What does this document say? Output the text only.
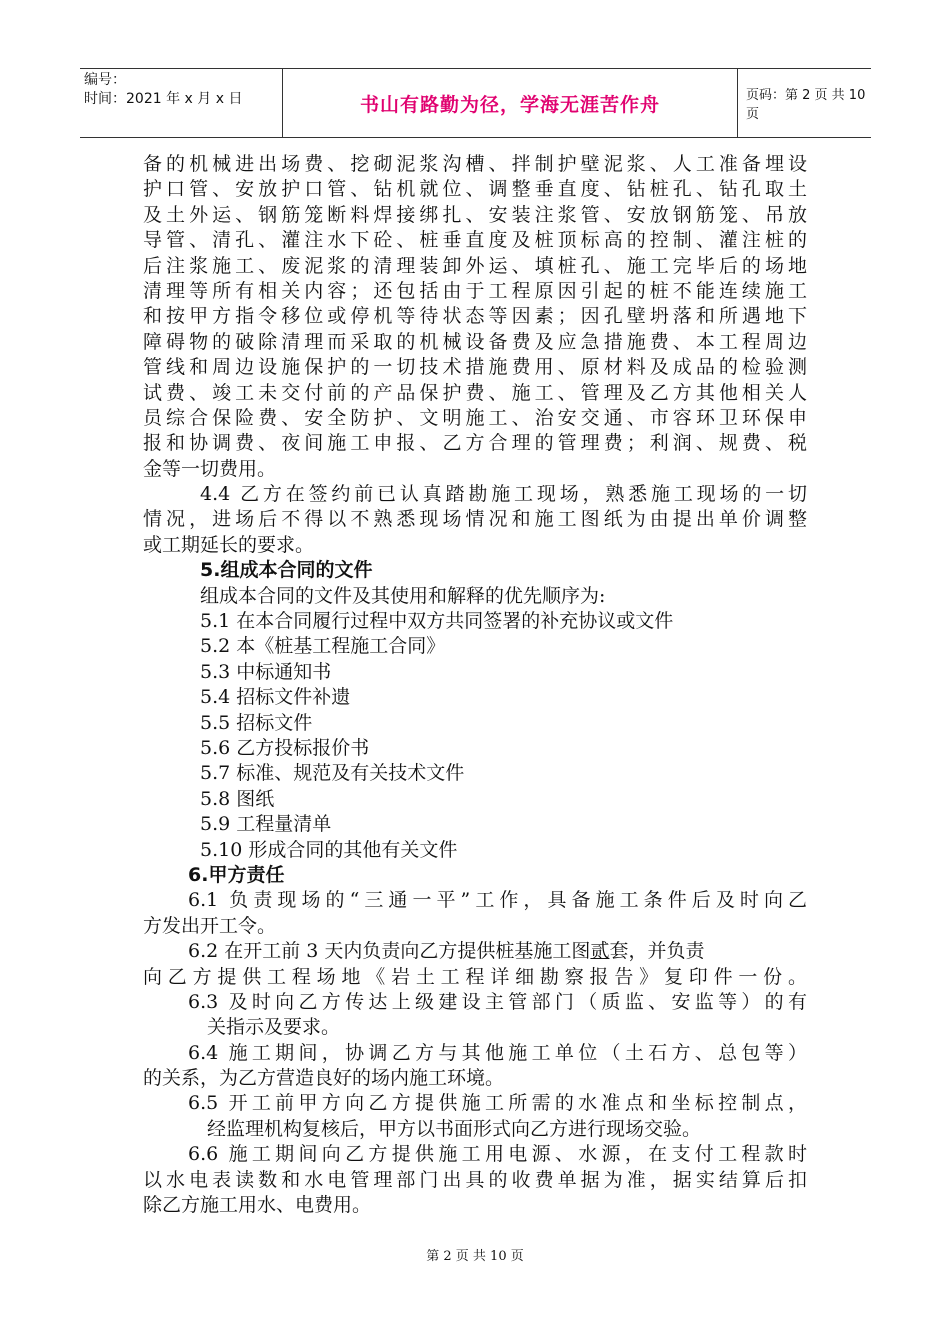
编号：
时间：2021 年 x 月 x 日	书山有路勤为径，学海无涯苦作舟	页码：第 2 页 共 10 页
备的机械进出场费、挖砌泥浆沟槽、拌制护壁泥浆、人工准备埋设
护口管、安放护口管、钻机就位、调整垂直度、钻桩孔、钻孔取土
及土外运、钢筋笼断料焊接绑扎、安装注浆管、安放钢筋笼、吊放
导管、清孔、灌注水下砼、桩垂直度及桩顶标高的控制、灌注桩的
后注浆施工、废泥浆的清理装卸外运、填桩孔、施工完毕后的场地
清理等所有相关内容；还包括由于工程原因引起的桩不能连续施工
和按甲方指令移位或停机等待状态等因素；因孔壁坍落和所遇地下
障碍物的破除清理而采取的机械设备费及应急措施费、本工程周边
管线和周边设施保护的一切技术措施费用、原材料及成品的检验测
试费、竣工未交付前的产品保护费、施工、管理及乙方其他相关人
员综合保险费、安全防护、文明施工、治安交通、市容环卫环保申
报和协调费、夜间施工申报、乙方合理的管理费；利润、规费、税
金等一切费用。
4.4 乙方在签约前已认真踏勘施工现场，熟悉施工现场的一切
情况，进场后不得以不熟悉现场情况和施工图纸为由提出单价调整
或工期延长的要求。
5.组成本合同的文件
组成本合同的文件及其使用和解释的优先顺序为:
5.1 在本合同履行过程中双方共同签署的补充协议或文件
5.2 本《桩基工程施工合同》
5.3 中标通知书
5.4 招标文件补遗
5.5 招标文件
5.6 乙方投标报价书
5.7 标准、规范及有关技术文件
5.8 图纸
5.9 工程量清单
5.10 形成合同的其他有关文件
6.甲方责任
6.1 负责现场的“三通一平”工作，具备施工条件后及时向乙
方发出开工令。
6.2 在开工前 3 天内负责向乙方提供桩基施工图贰套，并负责
向乙方提供工程场地《岩土工程详细勘察报告》复印件一份。
6.3 及时向乙方传达上级建设主管部门（质监、安监等）的有
关指示及要求。
6.4 施工期间，协调乙方与其他施工单位（土石方、总包等）
的关系，为乙方营造良好的场内施工环境。
6.5 开工前甲方向乙方提供施工所需的水准点和坐标控制点，
经监理机构复核后，甲方以书面形式向乙方进行现场交验。
6.6 施工期间向乙方提供施工用电源、水源，在支付工程款时
以水电表读数和水电管理部门出具的收费单据为准，据实结算后扣
除乙方施工用水、电费用。
第 2 页 共 10 页
